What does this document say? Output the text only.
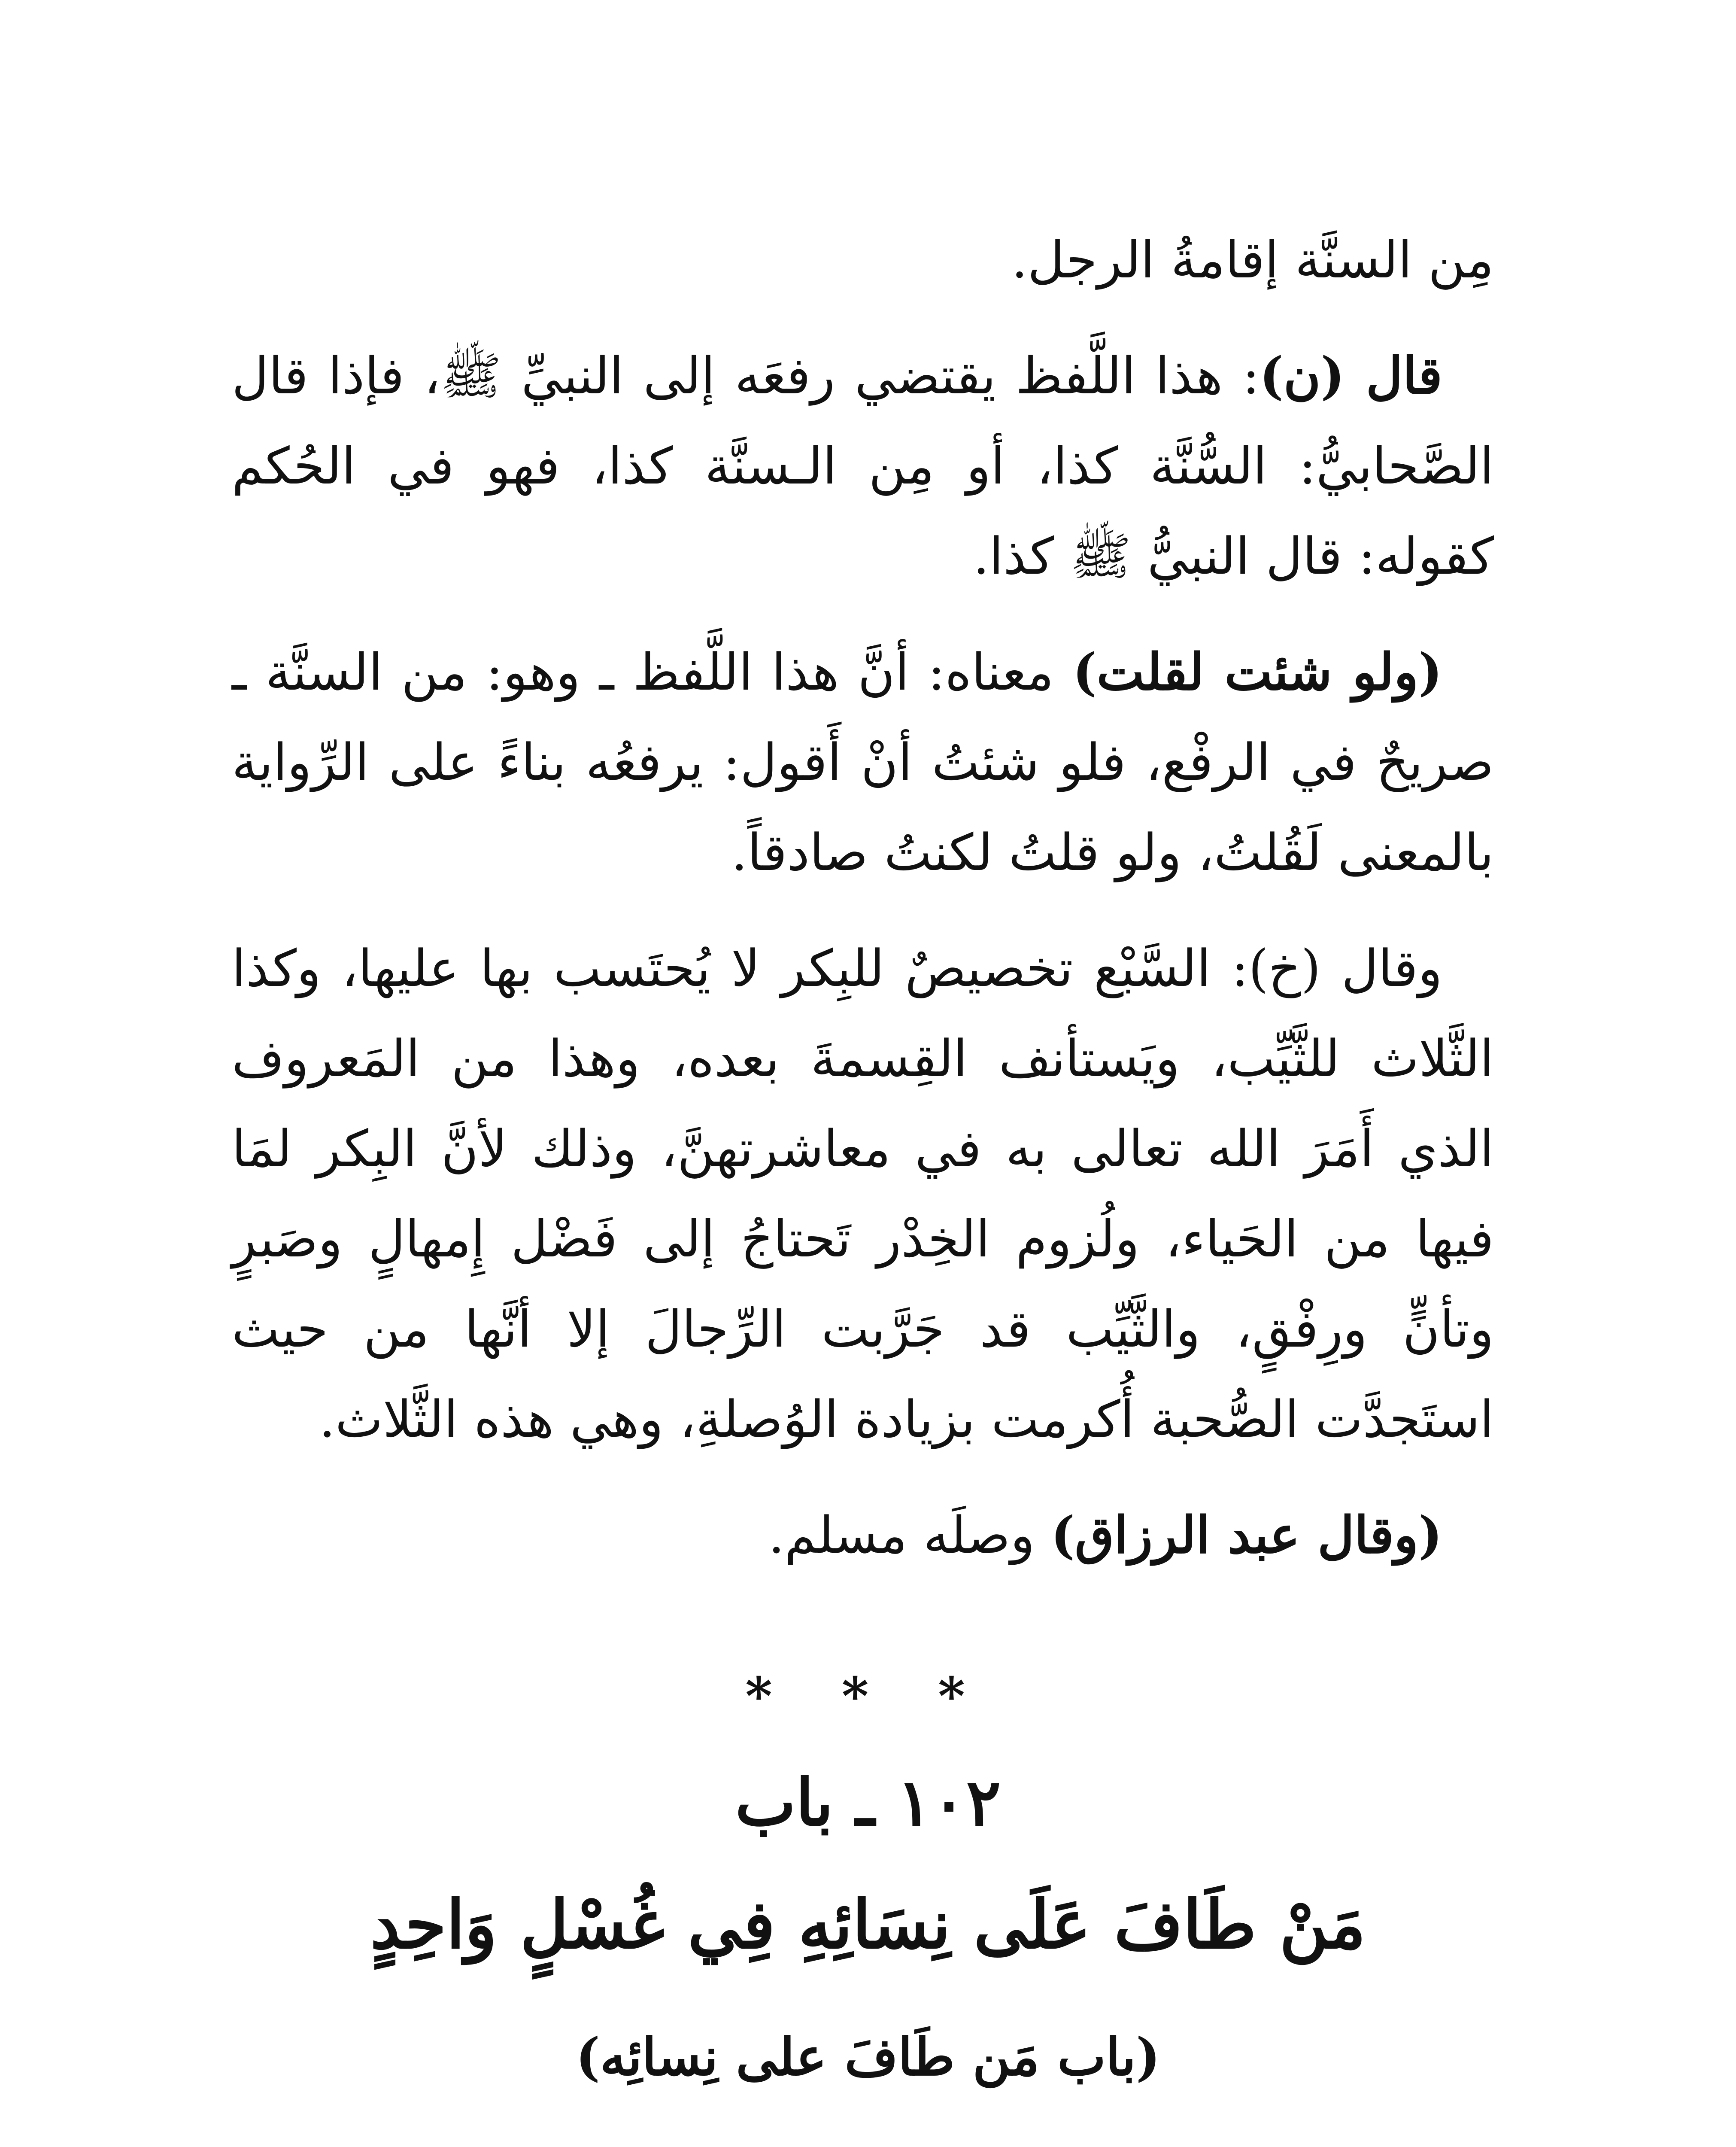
مِن السنَّة إقامةُ الرجل.

قال (ن): هذا اللَّفظ يقتضي رفعَه إلى النبيِّ ﷺ، فإذا قال الصَّحابيُّ: السُّنَّة كذا، أو مِن الـسنَّة كذا، فهو في الحُكم كقوله: قال النبيُّ ﷺ كذا.

(ولو شئت لقلت) معناه: أنَّ هذا اللَّفظ ـ وهو: من السنَّة ـ صريحٌ في الرفْع، فلو شئتُ أنْ أَقول: يرفعُه بناءً على الرِّواية بالمعنى لَقُلتُ، ولو قلتُ لكنتُ صادقاً.

وقال (خ): السَّبْع تخصيصٌ للبِكر لا يُحتَسب بها عليها، وكذا الثَّلاث للثَّيِّب، ويَستأنف القِسمةَ بعده، وهذا من المَعروف الذي أَمَرَ الله تعالى به في معاشرتهنَّ، وذلك لأنَّ البِكر لمَا فيها من الحَياء، ولُزوم الخِدْر تَحتاجُ إلى فَضْل إِمهالٍ وصَبرٍ وتأنٍّ ورِفْقٍ، والثَّيِّب قد جَرَّبت الرِّجالَ إلا أنَّها من حيث استَجدَّت الصُّحبة أُكرمت بزيادة الوُصلةِ، وهي هذه الثَّلاث.

(وقال عبد الرزاق) وصلَه مسلم.

* * *
١٠٢ ـ باب
مَنْ طَافَ عَلَى نِسَائِهِ فِي غُسْلٍ وَاحِدٍ
(باب مَن طَافَ على نِسائِه)
